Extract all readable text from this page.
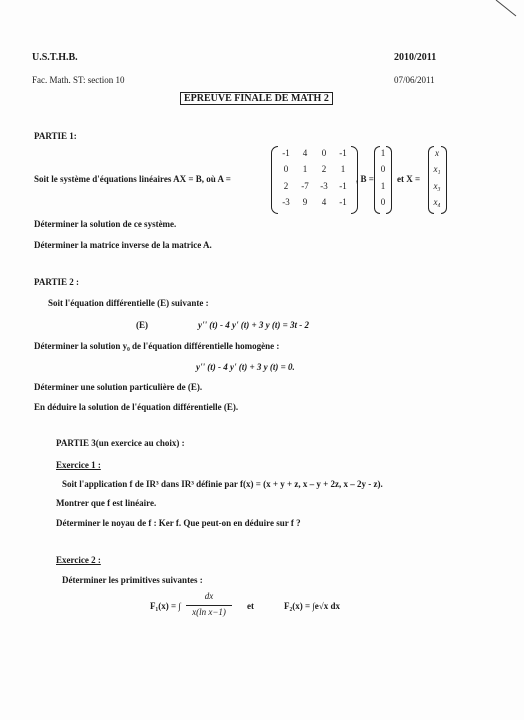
U.S.T.H.B.	2010/2011
Fac. Math. ST: section 10	07/06/2011
EPREUVE FINALE DE MATH 2
PARTIE 1:
Soit le système d'équations linéaires AX = B, où A =
-1	4	0	-1
0	1	2	1
2	-7	-3	-1
-3	9	4	-1
, B =
1
0
1
0
et X =
x
x₁
x₃
x₄
Déterminer la solution de ce système.
Déterminer la matrice inverse de la matrice A.
PARTIE 2 :
Soit l'équation différentielle (E) suivante :
(E)	y'' (t) - 4 y' (t) + 3 y (t) = 3t - 2
Déterminer la solution y₀ de l'équation différentielle homogène :
y'' (t) - 4 y' (t) + 3 y (t) = 0.
Déterminer une solution particulière de (E).
En déduire la solution de l'équation différentielle (E).
PARTIE 3(un exercice au choix) :
Exercice 1 :
Soit l'application f de IR³ dans IR³ définie par f(x) = (x + y + z, x – y + 2z, x – 2y - z).
Montrer que f est linéaire.
Déterminer le noyau de f : Ker f. Que peut-on en déduire sur f ?
Exercice 2 :
Déterminer les primitives suivantes :
F₁(x) = ∫
dx
x(ln x−1)
et	F₂(x) = ∫e√x dx
